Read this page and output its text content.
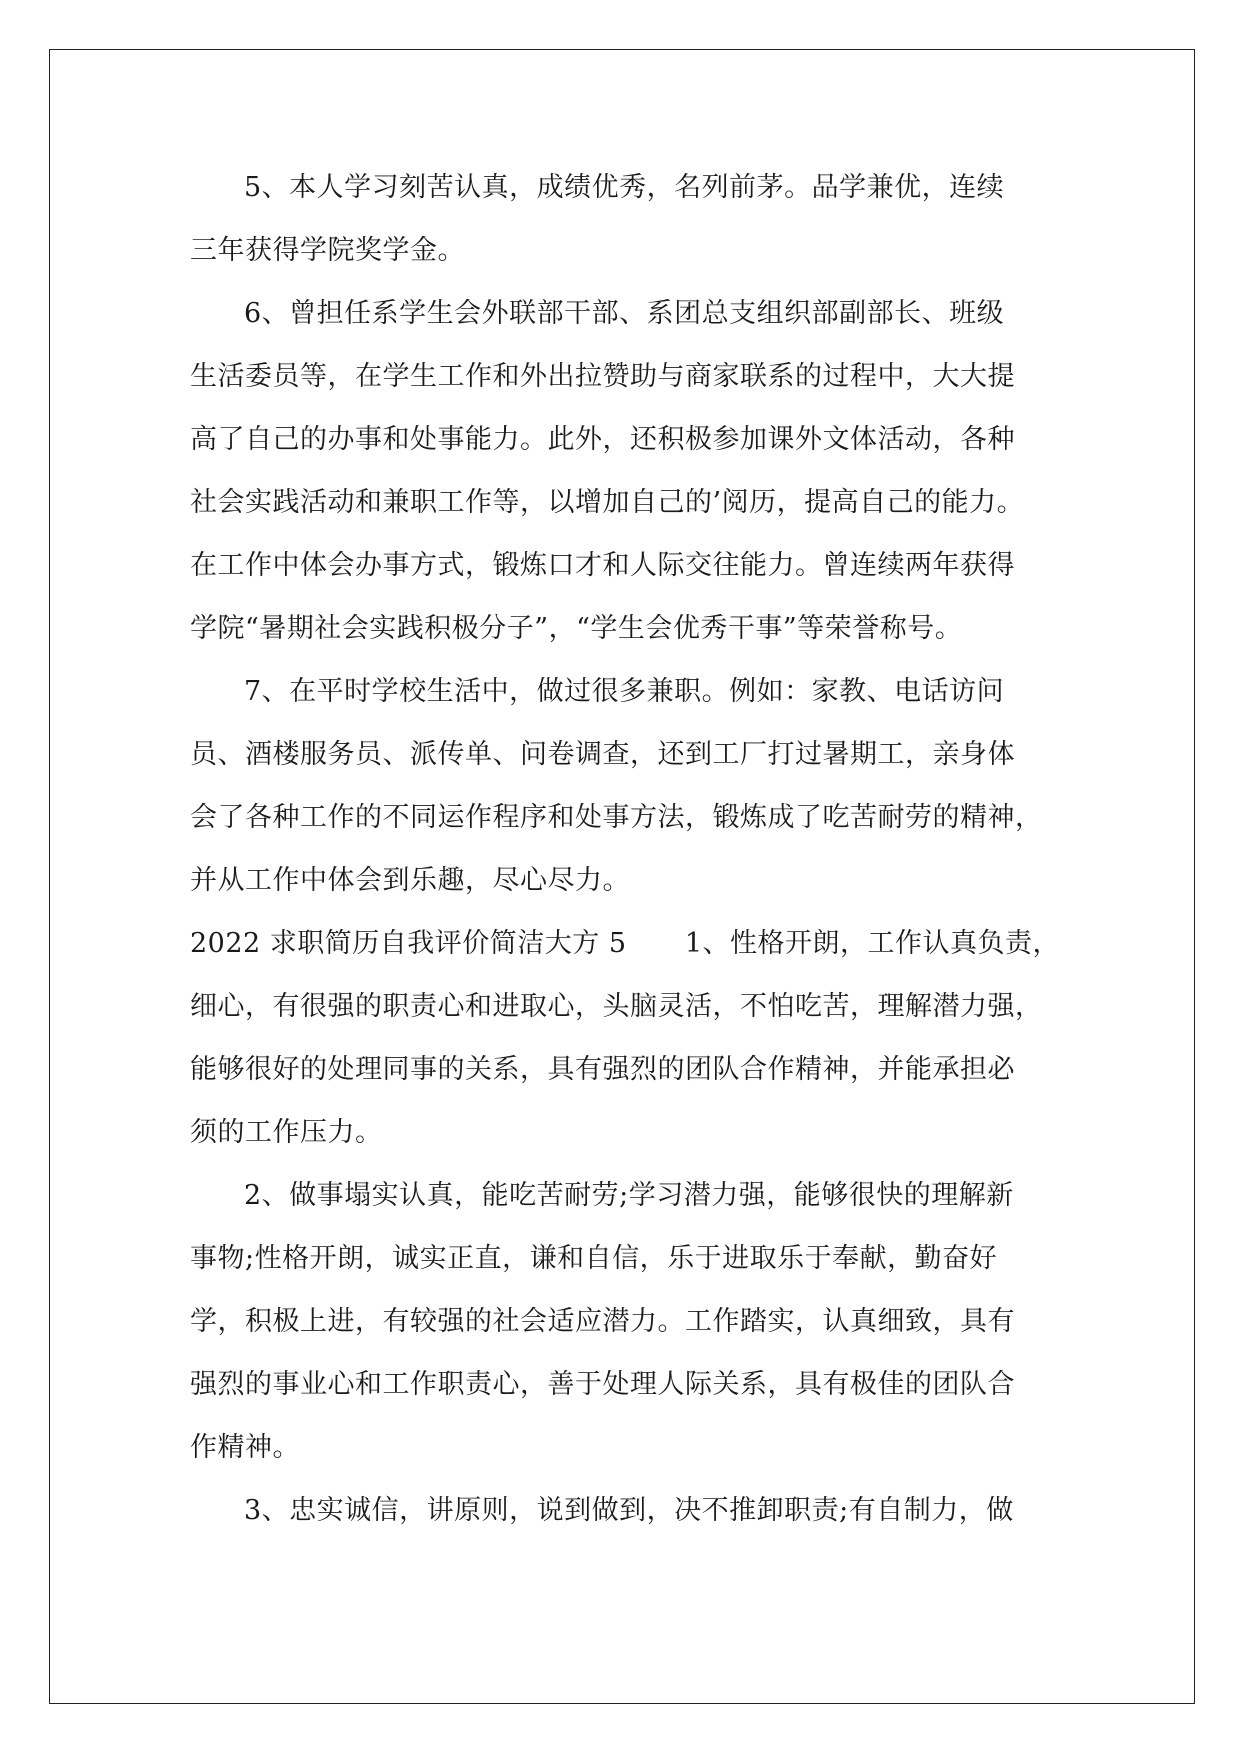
5、本人学习刻苦认真，成绩优秀，名列前茅。品学兼优，连续
三年获得学院奖学金。
6、曾担任系学生会外联部干部、系团总支组织部副部长、班级
生活委员等，在学生工作和外出拉赞助与商家联系的过程中，大大提
高了自己的办事和处事能力。此外，还积极参加课外文体活动，各种
社会实践活动和兼职工作等，以增加自己的’阅历，提高自己的能力。
在工作中体会办事方式，锻炼口才和人际交往能力。曾连续两年获得
学院“暑期社会实践积极分子”，“学生会优秀干事”等荣誉称号。
7、在平时学校生活中，做过很多兼职。例如：家教、电话访问
员、酒楼服务员、派传单、问卷调查，还到工厂打过暑期工，亲身体
会了各种工作的不同运作程序和处事方法，锻炼成了吃苦耐劳的精神，
并从工作中体会到乐趣，尽心尽力。
2022 求职简历自我评价简洁大方 5 1、性格开朗，工作认真负责，
细心，有很强的职责心和进取心，头脑灵活，不怕吃苦，理解潜力强，
能够很好的处理同事的关系，具有强烈的团队合作精神，并能承担必
须的工作压力。
2、做事塌实认真，能吃苦耐劳;学习潜力强，能够很快的理解新
事物;性格开朗，诚实正直，谦和自信，乐于进取乐于奉献，勤奋好
学，积极上进，有较强的社会适应潜力。工作踏实，认真细致，具有
强烈的事业心和工作职责心，善于处理人际关系，具有极佳的团队合
作精神。
3、忠实诚信，讲原则，说到做到，决不推卸职责;有自制力，做
